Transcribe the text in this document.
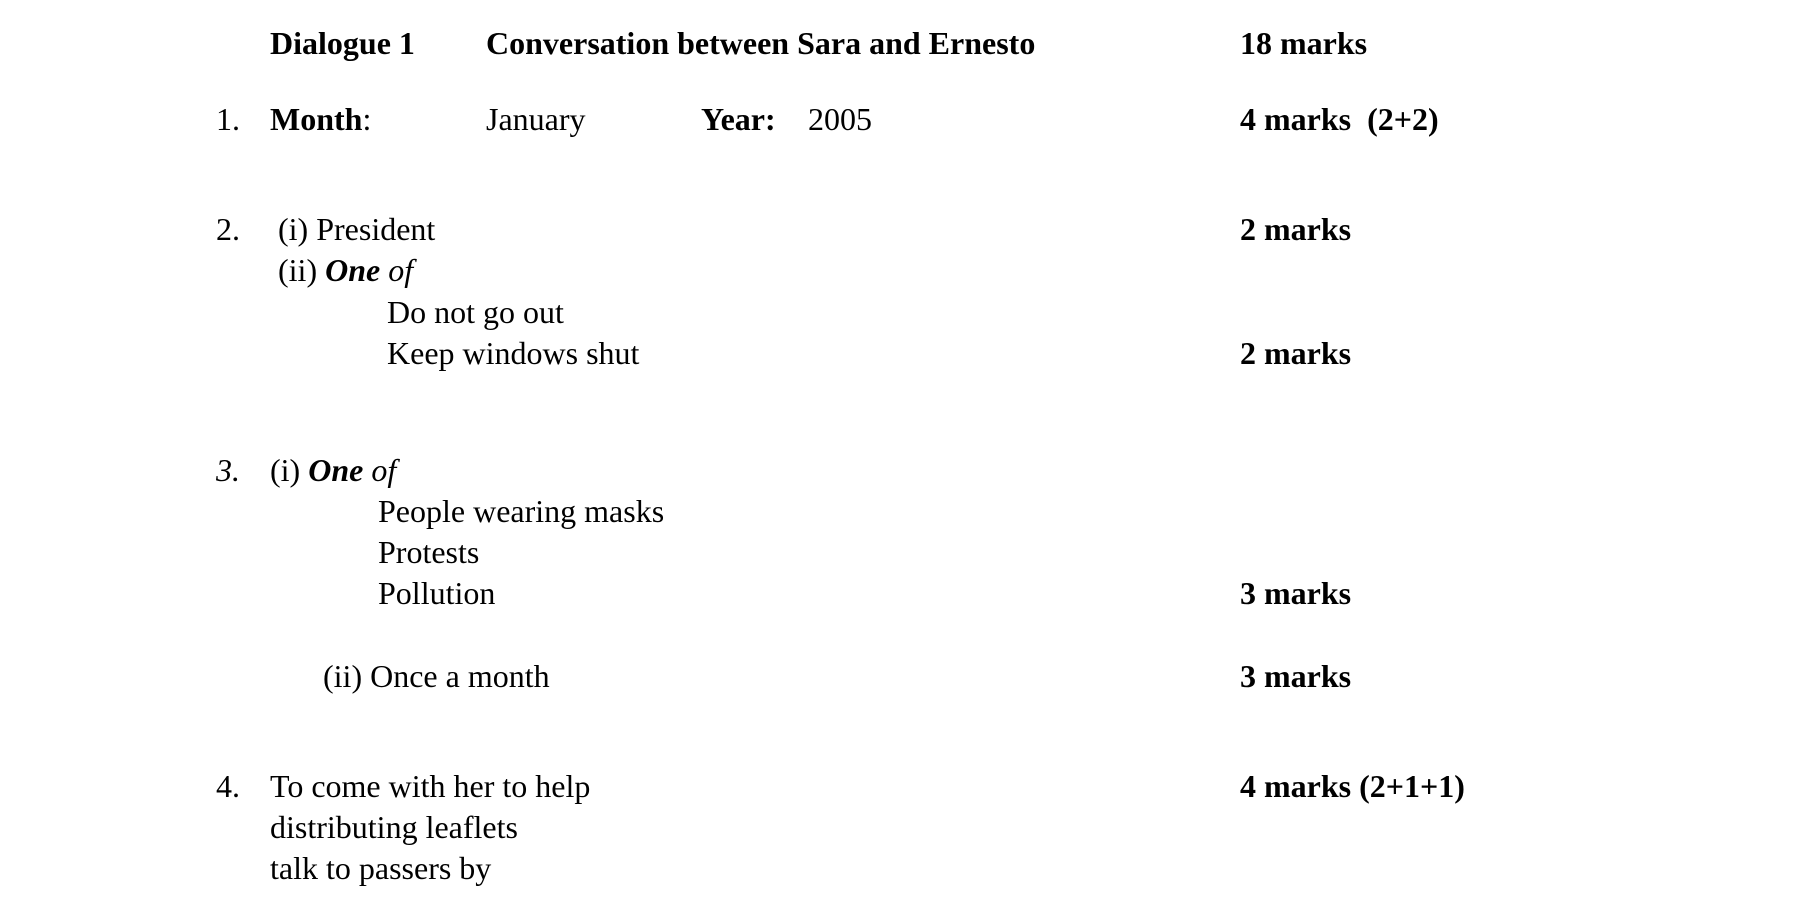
Dialogue 1 Conversation between Sara and Ernesto	18 marks
1. Month:	January	Year: 2005	4 marks  (2+2)
2. (i) President	2 marks
(ii) One of
Do not go out
Keep windows shut	2 marks
3. (i) One of
People wearing masks
Protests
Pollution	3 marks
(ii) Once a month	3 marks
4. To come with her to help	4 marks (2+1+1)
distributing leaflets
talk to passers by
